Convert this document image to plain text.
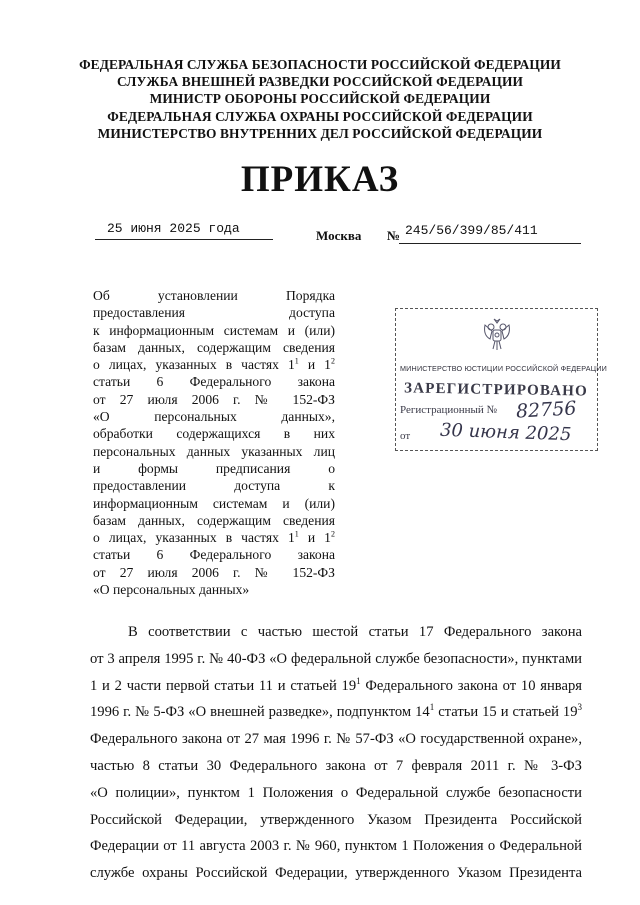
ФЕДЕРАЛЬНАЯ СЛУЖБА БЕЗОПАСНОСТИ РОССИЙСКОЙ ФЕДЕРАЦИИ
СЛУЖБА ВНЕШНЕЙ РАЗВЕДКИ РОССИЙСКОЙ ФЕДЕРАЦИИ
МИНИСТР ОБОРОНЫ РОССИЙСКОЙ ФЕДЕРАЦИИ
ФЕДЕРАЛЬНАЯ СЛУЖБА ОХРАНЫ РОССИЙСКОЙ ФЕДЕРАЦИИ
МИНИСТЕРСТВО ВНУТРЕННИХ ДЕЛ РОССИЙСКОЙ ФЕДЕРАЦИИ
ПРИКАЗ
25 июня 2025 года	Москва № 245/56/399/85/411
Об установлении Порядка
предоставления доступа
к информационным системам и (или)
базам данных, содержащим сведения
о лицах, указанных в частях $1^1$ и $1^2$
статьи 6 Федерального закона
от 27 июля 2006 г. № 152-ФЗ
«О персональных данных»,
обработки содержащихся в них
персональных данных указанных лиц
и формы предписания о
предоставлении доступа к
информационным системам и (или)
базам данных, содержащим сведения
о лицах, указанных в частях $1^1$ и $1^2$
статьи 6 Федерального закона
от 27 июля 2006 г. № 152-ФЗ
«О персональных данных»
МИНИСТЕРСТВО ЮСТИЦИИ РОССИЙСКОЙ ФЕДЕРАЦИИ
ЗАРЕГИСТРИРОВАНО
Регистрационный № 82756
от 30 июня 2025
В соответствии с частью шестой статьи 17 Федерального закона
от 3 апреля 1995 г. № 40-ФЗ «О федеральной службе безопасности», пунктами
1 и 2 части первой статьи 11 и статьей $19^1$ Федерального закона от 10 января
1996 г. № 5-ФЗ «О внешней разведке», подпунктом $14^1$ статьи 15 и статьей $19^3$
Федерального закона от 27 мая 1996 г. № 57-ФЗ «О государственной охране»,
частью 8 статьи 30 Федерального закона от 7 февраля 2011 г. № 3-ФЗ
«О полиции», пунктом 1 Положения о Федеральной службе безопасности
Российской Федерации, утвержденного Указом Президента Российской
Федерации от 11 августа 2003 г. № 960, пунктом 1 Положения о Федеральной
службе охраны Российской Федерации, утвержденного Указом Президента
